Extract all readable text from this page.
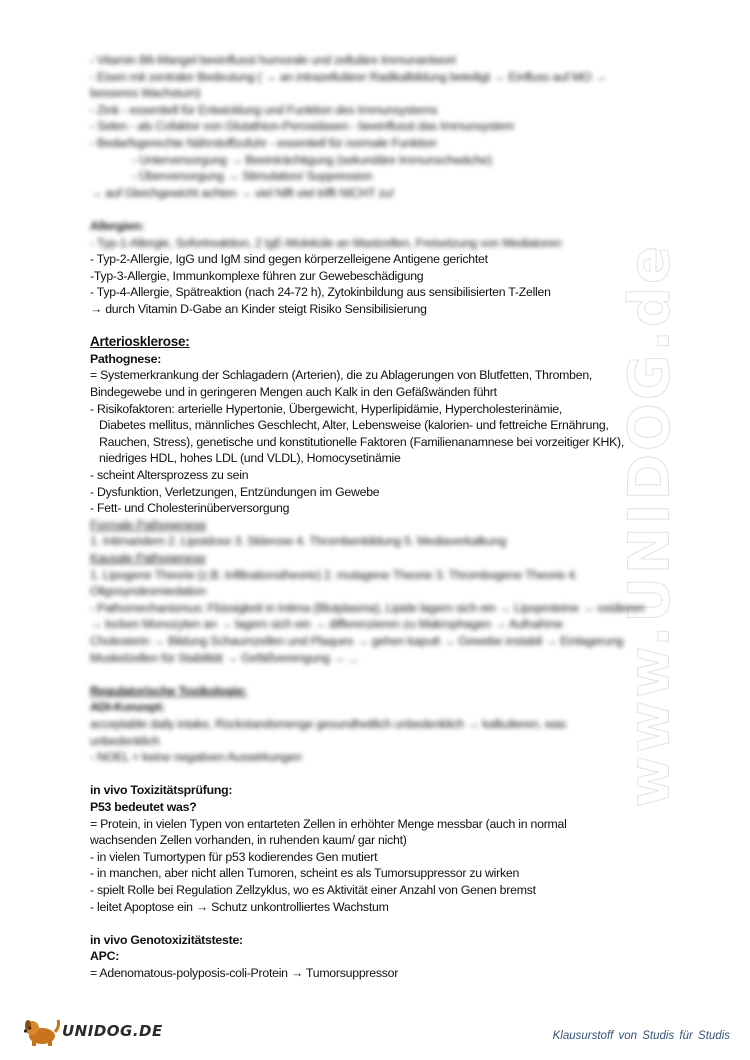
www.UNIDOG.de
- Vitamin B6-Mangel beeinflusst humorale und zelluläre Immunantwort
- Eisen mit zentraler Bedeutung ( → an intrazellulärer Radikalbildung beteiligt → Einfluss auf MO →
besseres Wachstum)
- Zink - essentiell für Entwicklung und Funktion des Immunsystems
- Selen - als Cofaktor von Glutathion-Peroxidasen - beeinflusst das Immunsystem
- Bedarfsgerechte Nährstoffzufuhr - essentiell für normale Funktion
- Unterversorgung → Beeinträchtigung (sekundäre Immunschwäche)
- Überversorgung → Stimulation/ Suppression
→ auf Gleichgewicht achten → viel hilft viel trifft NICHT zu!
Allergien:
- Typ-1-Allergie, Sofortreaktion, 2 IgE-Moleküle an Mastzellen, Freisetzung von Mediatoren
- Typ-2-Allergie, IgG und IgM sind gegen körperzelleigene Antigene gerichtet
-Typ-3-Allergie, Immunkomplexe führen zur Gewebeschädigung
- Typ-4-Allergie, Spätreaktion (nach 24-72 h), Zytokinbildung aus sensibilisierten T-Zellen
→ durch Vitamin D-Gabe an Kinder steigt Risiko Sensibilisierung
Arteriosklerose:
Pathognese:
= Systemerkrankung der Schlagadern (Arterien), die zu Ablagerungen von Blutfetten, Thromben,
Bindegewebe und in geringeren Mengen auch Kalk in den Gefäßwänden führt
- Risikofaktoren: arterielle Hypertonie, Übergewicht, Hyperlipidämie, Hypercholesterinämie,
Diabetes mellitus, männliches Geschlecht, Alter, Lebensweise (kalorien- und fettreiche Ernährung,
Rauchen, Stress), genetische und konstitutionelle Faktoren (Familienanamnese bei vorzeitiger KHK),
niedriges HDL, hohes LDL (und VLDL), Homocysetinämie
- scheint Altersprozess zu sein
- Dysfunktion, Verletzungen, Entzündungen im Gewebe
- Fett- und Cholesterinüberversorgung
Formale Pathogenese
1. Intimaödem 2. Lipoidose 3. Sklerose 4. Thrombenbildung 5. Mediaverkalkung
Kausale Pathogenese
1. Lipogene Theorie (z.B. Infiltrationstheorie) 2. mutagene Theorie 3. Thrombogene Theorie 4.
Oligosyndesmiedation
- Pathomechanismus: Flüssigkeit in Intima (Blutplasma), Lipide lagern sich ein → Lipoproteine → oxidieren
→ locken Monozyten an → lagern sich ein → differenzieren zu Makrophagen → Aufnahme
Cholesterin → Bildung Schaumzellen und Plaques → gehen kaputt → Gewebe instabil → Einlagerung
Muskelzellen für Stabilität → Gefäßverengung → ...
Regulatorische Toxikologie:
ADI-Konzept:
acceptable daily intake, Rückstandsmenge gesundheitlich unbedenklich → kalkulieren, was
unbedenklich
- NOEL = keine negativen Auswirkungen
in vivo Toxizitätsprüfung:
P53 bedeutet was?
= Protein, in vielen Typen von entarteten Zellen in erhöhter Menge messbar (auch in normal
wachsenden Zellen vorhanden, in ruhenden kaum/ gar nicht)
- in vielen Tumortypen für p53 kodierendes Gen mutiert
- in manchen, aber nicht allen Tumoren, scheint es als Tumorsuppressor zu wirken
- spielt Rolle bei Regulation Zellzyklus, wo es Aktivität einer Anzahl von Genen bremst
- leitet Apoptose ein → Schutz unkontrolliertes Wachstum
in vivo Genotoxizitätsteste:
APC:
= Adenomatous-polyposis-coli-Protein → Tumorsuppressor
UNIDOG.DE	Klausurstoff von Studis für Studis
